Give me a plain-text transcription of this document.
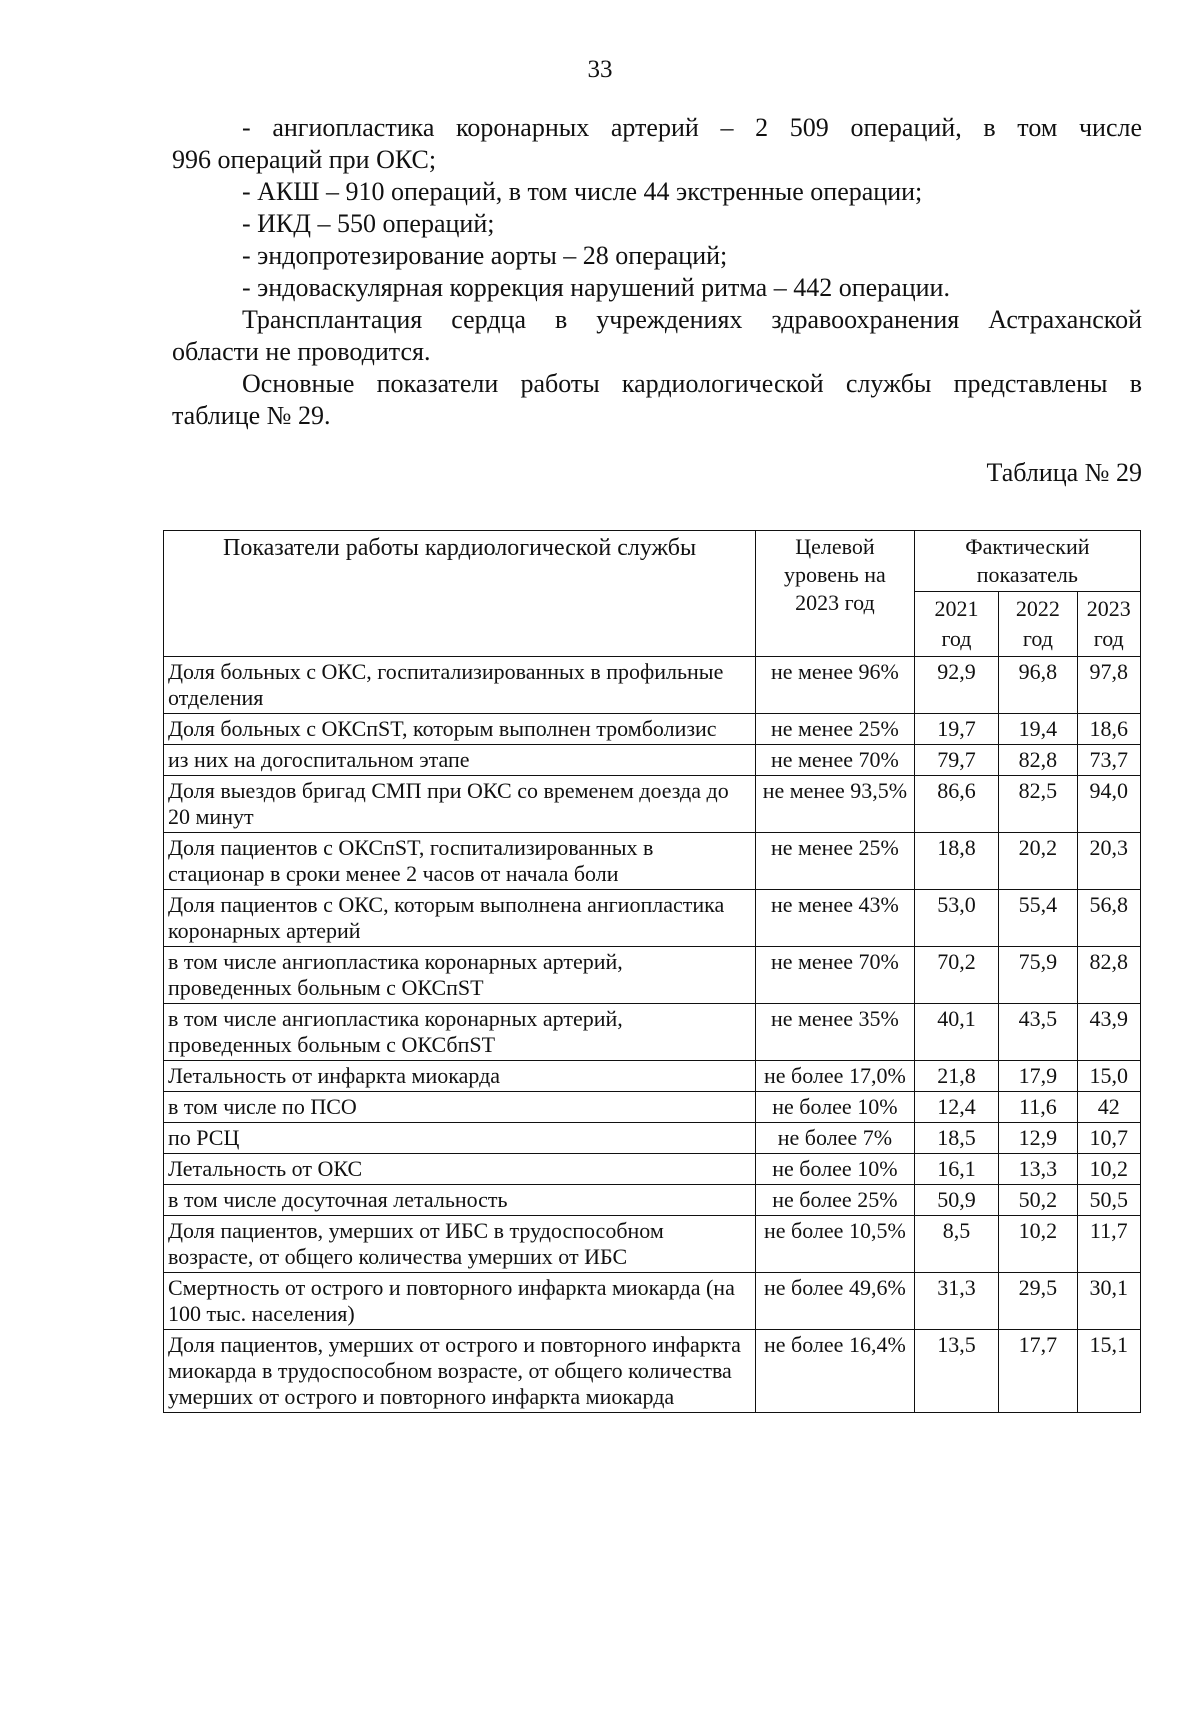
33

- ангиопластика коронарных артерий – 2 509 операций, в том числе

996 операций при ОКС;

- АКШ – 910 операций, в том числе 44 экстренные операции;

- ИКД – 550 операций;

- эндопротезирование аорты – 28 операций;

- эндоваскулярная коррекция нарушений ритма – 442 операции.

Трансплантация сердца в учреждениях здравоохранения Астраханской

области не проводится.

Основные показатели работы кардиологической службы представлены в

таблице № 29.

Таблица № 29
Показатели работы кардиологической службы	Целевой уровень на 2023 год	Фактический показатель		
		2021 год	2022 год	2023 год
Доля больных с ОКС, госпитализированных в профильные отделения	не менее 96%	92,9	96,8	97,8
Доля больных с ОКСпST, которым выполнен тромболизис	не менее 25%	19,7	19,4	18,6
из них на догоспитальном этапе	не менее 70%	79,7	82,8	73,7
Доля выездов бригад СМП при ОКС со временем доезда до 20 минут	не менее 93,5%	86,6	82,5	94,0
Доля пациентов с ОКСпST, госпитализированных в стационар в сроки менее 2 часов от начала боли	не менее 25%	18,8	20,2	20,3
Доля пациентов с ОКС, которым выполнена ангиопластика коронарных артерий	не менее 43%	53,0	55,4	56,8
в том числе ангиопластика коронарных артерий, проведенных больным с ОКСпST	не менее 70%	70,2	75,9	82,8
в том числе ангиопластика коронарных артерий, проведенных больным с ОКСбпST	не менее 35%	40,1	43,5	43,9
Летальность от инфаркта миокарда	не более 17,0%	21,8	17,9	15,0
в том числе по ПСО	не более 10%	12,4	11,6	42
по РСЦ	не более 7%	18,5	12,9	10,7
Летальность от ОКС	не более 10%	16,1	13,3	10,2
в том числе досуточная летальность	не более 25%	50,9	50,2	50,5
Доля пациентов, умерших от ИБС в трудоспособном возрасте, от общего количества умерших от ИБС	не более 10,5%	8,5	10,2	11,7
Смертность от острого и повторного инфаркта миокарда (на 100 тыс. населения)	не более 49,6%	31,3	29,5	30,1
Доля пациентов, умерших от острого и повторного инфаркта миокарда в трудоспособном возрасте, от общего количества умерших от острого и повторного инфаркта миокарда	не более 16,4%	13,5	17,7	15,1
